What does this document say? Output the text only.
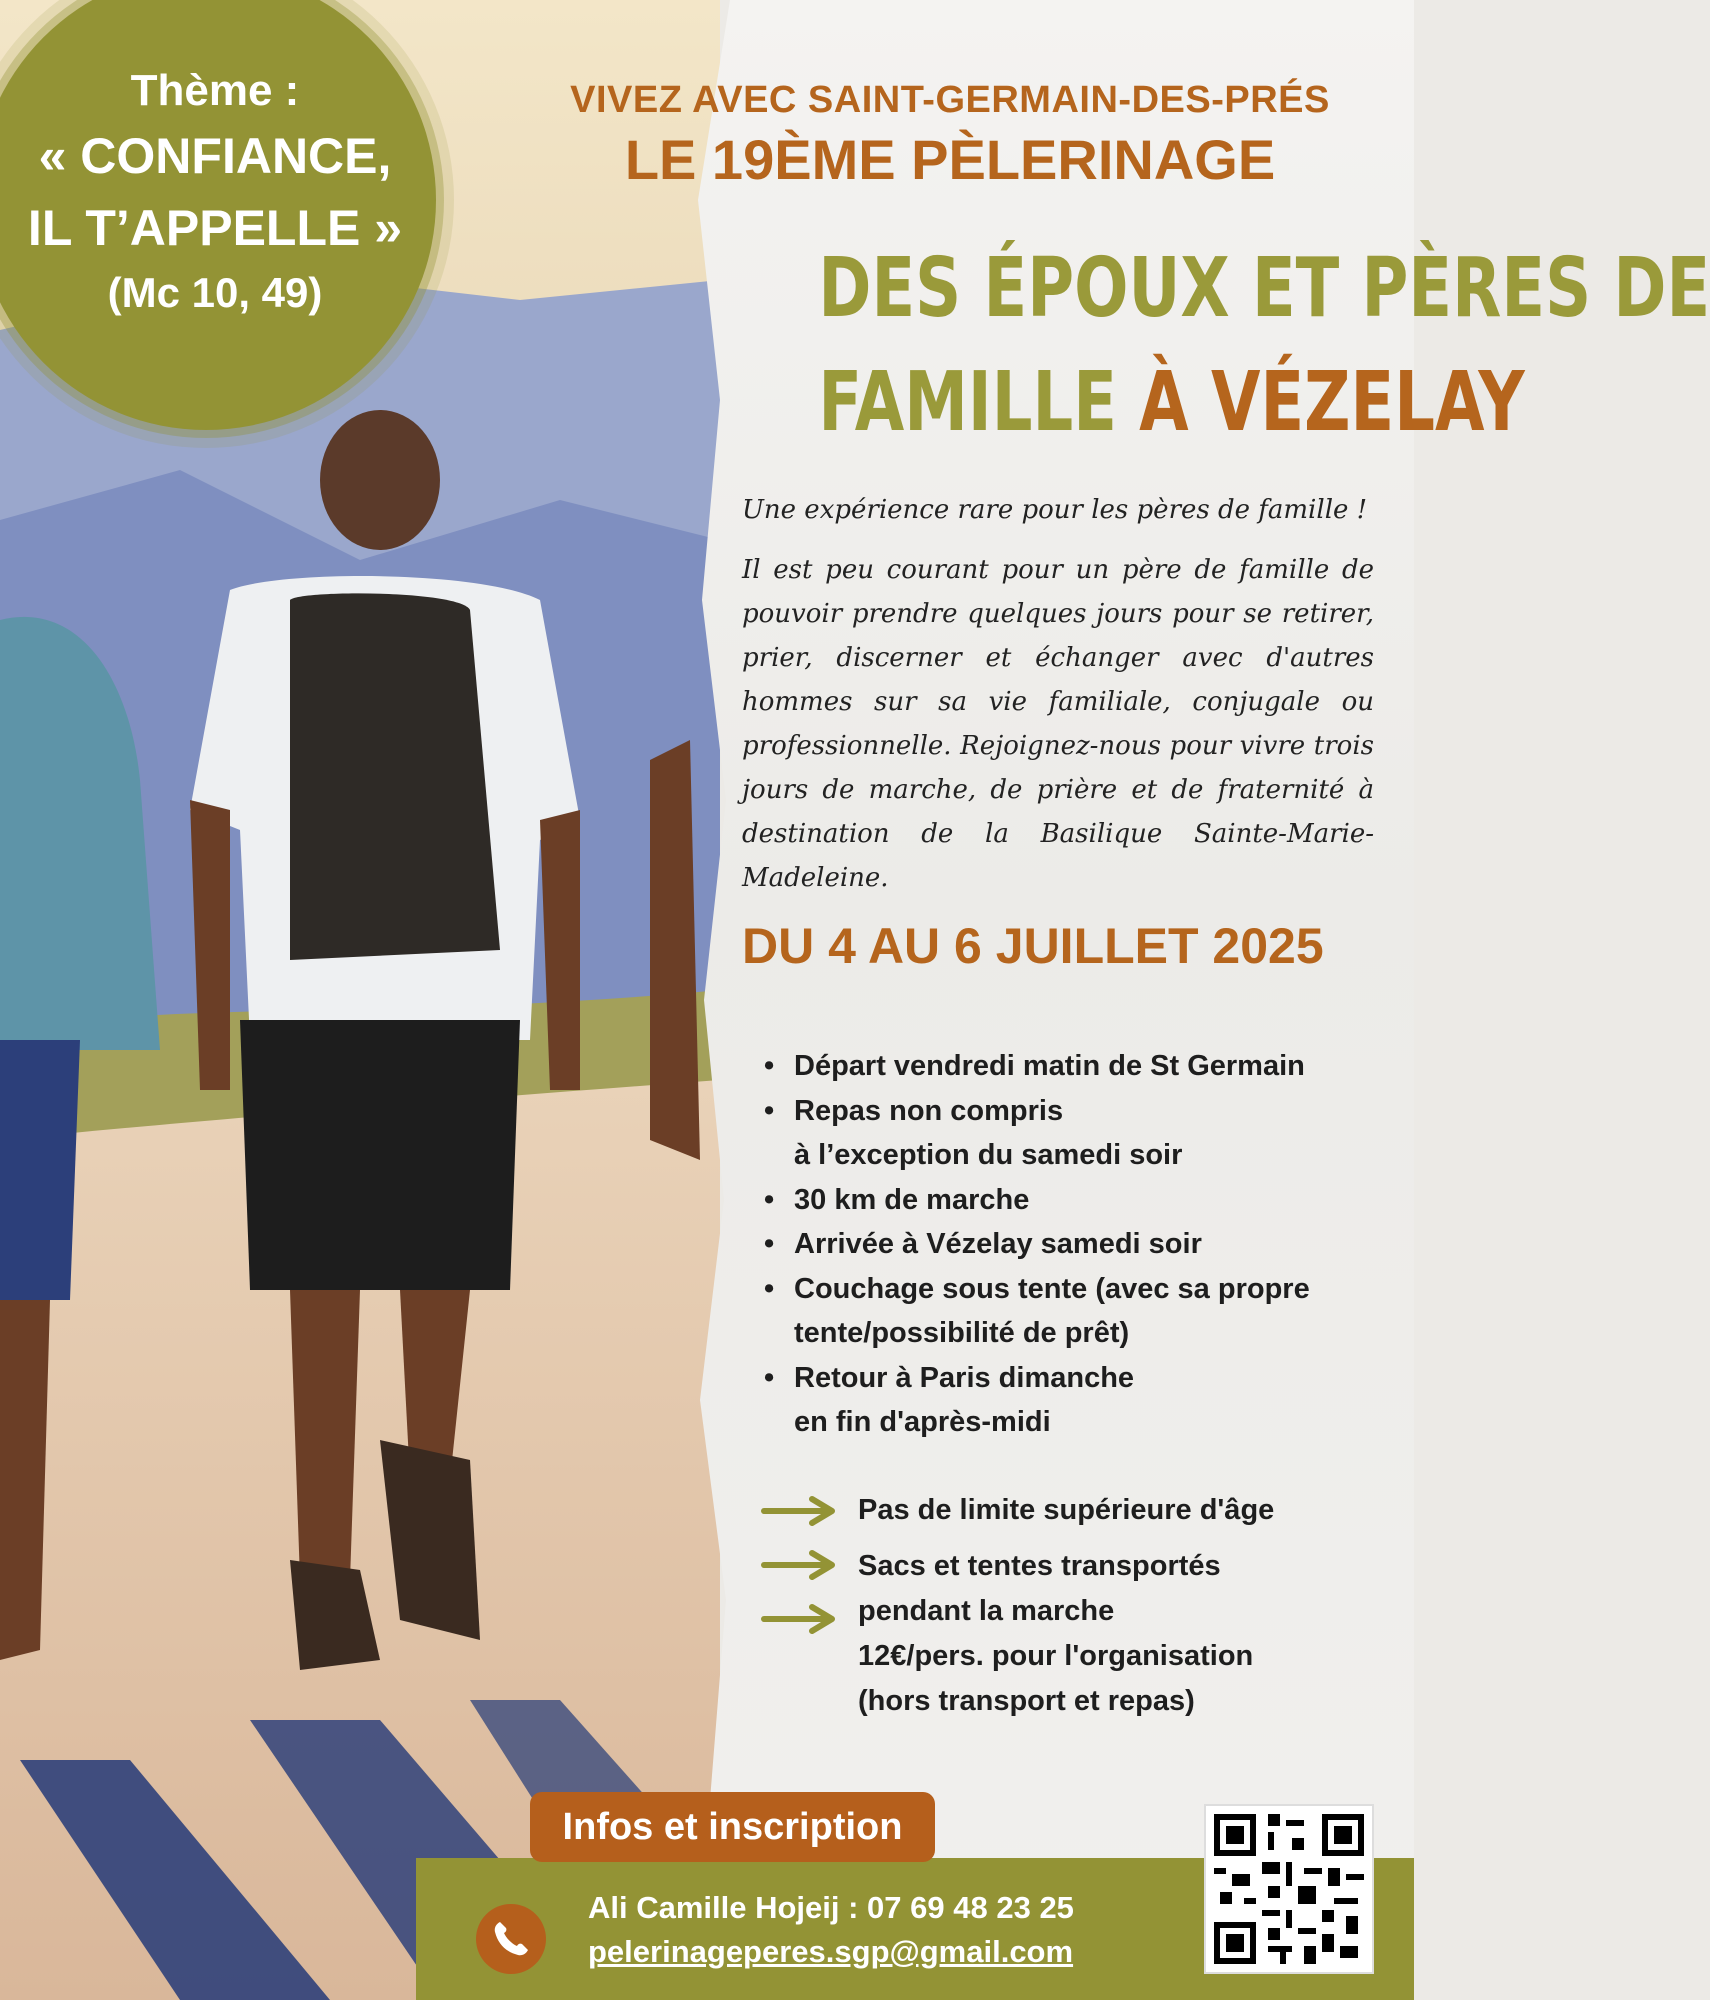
Thème :
« CONFIANCE,
IL T’APPELLE »
(Mc 10, 49)
VIVEZ AVEC SAINT-GERMAIN-DES-PRÉS
LE 19ÈME PÈLERINAGE
DES ÉPOUX ET PÈRES DE
FAMILLE À VÉZELAY
Une expérience rare pour les pères de famille !
Il est peu courant pour un père de famille de pouvoir prendre quelques jours pour se retirer, prier, discerner et échanger avec d'autres hommes sur sa vie familiale, conjugale ou professionnelle. Rejoignez-nous pour vivre trois jours de marche, de prière et de fraternité à destination de la Basilique Sainte-Marie-Madeleine.
DU 4 AU 6 JUILLET 2025
• Départ vendredi matin de St Germain
• Repas non compris
à l’exception du samedi soir
• 30 km de marche
• Arrivée à Vézelay samedi soir
• Couchage sous tente (avec sa propre
tente/possibilité de prêt)
• Retour à Paris dimanche
en fin d'après-midi
Pas de limite supérieure d'âge
Sacs et tentes transportés
pendant la marche
12€/pers. pour l'organisation
(hors transport et repas)
Infos et inscription
Ali Camille Hojeij : 07 69 48 23 25
pelerinageperes.sgp@gmail.com
